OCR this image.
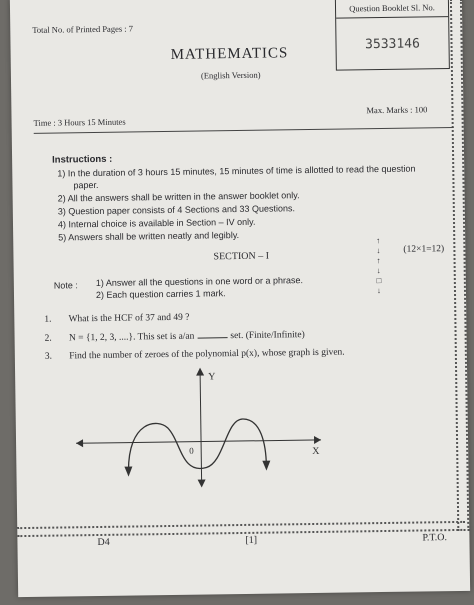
Total No. of Printed Pages : 7
Question Booklet Sl. No.
3533146
MATHEMATICS
(English Version)
Time : 3 Hours 15 Minutes
Max. Marks : 100
Instructions :
1) In the duration of 3 hours 15 minutes, 15 minutes of time is allotted to read the question
paper.
2) All the answers shall be written in the answer booklet only.
3) Question paper consists of 4 Sections and 33 Questions.
4) Internal choice is available in Section – IV only.
5) Answers shall be written neatly and legibly.	↑
↓
↑
↓
□
↓
SECTION – I
(12×1=12)
Note : 1) Answer all the questions in one word or a phrase.
2) Each question carries 1 mark.
1. What is the HCF of 37 and 49 ?
2. N = {1, 2, 3, ....}. This set is a/an	set. (Finite/Infinite)
3. Find the number of zeroes of the polynomial p(x), whose graph is given.
Y
X
0
D4	[1]	P.T.O.
